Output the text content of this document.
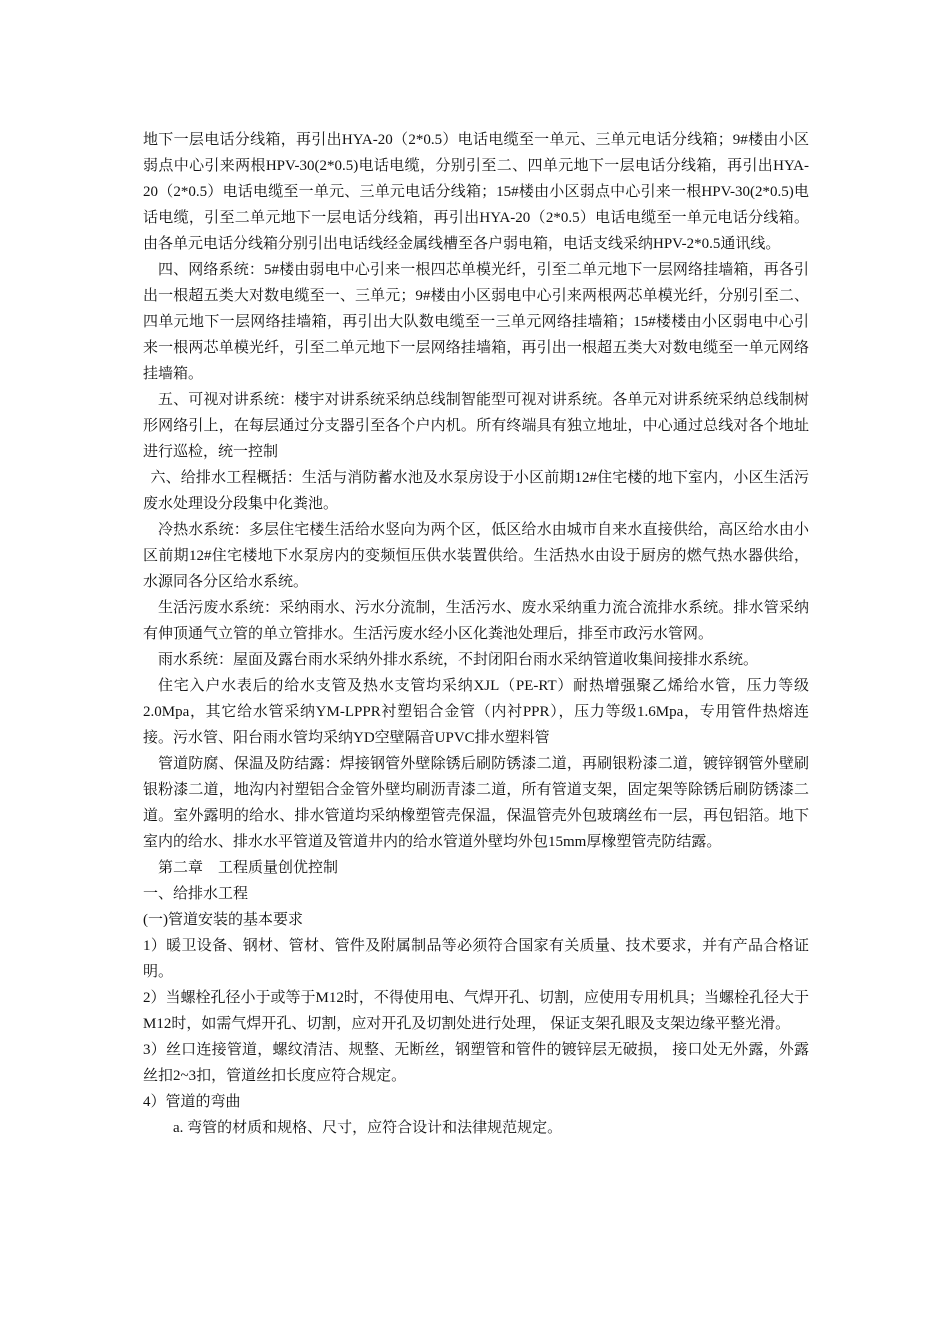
地下一层电话分线箱，再引出HYA-20（2*0.5）电话电缆至一单元、三单元电话分线箱；9#楼由小区弱点中心引来两根HPV-30(2*0.5)电话电缆，分别引至二、四单元地下一层电话分线箱，再引出HYA-20（2*0.5）电话电缆至一单元、三单元电话分线箱；15#楼由小区弱点中心引来一根HPV-30(2*0.5)电话电缆，引至二单元地下一层电话分线箱，再引出HYA-20（2*0.5）电话电缆至一单元电话分线箱。由各单元电话分线箱分别引出电话线经金属线槽至各户弱电箱，电话支线采纳HPV-2*0.5通讯线。

四、网络系统：5#楼由弱电中心引来一根四芯单模光纤，引至二单元地下一层网络挂墙箱，再各引出一根超五类大对数电缆至一、三单元；9#楼由小区弱电中心引来两根两芯单模光纤，分别引至二、四单元地下一层网络挂墙箱，再引出大队数电缆至一三单元网络挂墙箱；15#楼楼由小区弱电中心引来一根两芯单模光纤，引至二单元地下一层网络挂墙箱，再引出一根超五类大对数电缆至一单元网络挂墙箱。

五、可视对讲系统：楼宇对讲系统采纳总线制智能型可视对讲系统。各单元对讲系统采纳总线制树形网络引上，在每层通过分支器引至各个户内机。所有终端具有独立地址，中心通过总线对各个地址进行巡检，统一控制

六、给排水工程概括：生活与消防蓄水池及水泵房设于小区前期12#住宅楼的地下室内，小区生活污废水处理设分段集中化粪池。

冷热水系统：多层住宅楼生活给水竖向为两个区，低区给水由城市自来水直接供给，高区给水由小区前期12#住宅楼地下水泵房内的变频恒压供水装置供给。生活热水由设于厨房的燃气热水器供给，水源同各分区给水系统。

生活污废水系统：采纳雨水、污水分流制，生活污水、废水采纳重力流合流排水系统。排水管采纳有伸顶通气立管的单立管排水。生活污废水经小区化粪池处理后，排至市政污水管网。

雨水系统：屋面及露台雨水采纳外排水系统，不封闭阳台雨水采纳管道收集间接排水系统。

住宅入户水表后的给水支管及热水支管均采纳XJL（PE-RT）耐热增强聚乙烯给水管，压力等级2.0Mpa，其它给水管采纳YM-LPPR衬塑铝合金管（内衬PPR），压力等级1.6Mpa，专用管件热熔连接。污水管、阳台雨水管均采纳YD空壁隔音UPVC排水塑料管

管道防腐、保温及防结露：焊接钢管外壁除锈后刷防锈漆二道，再刷银粉漆二道，镀锌钢管外壁刷银粉漆二道，地沟内衬塑铝合金管外壁均刷沥青漆二道，所有管道支架，固定架等除锈后刷防锈漆二道。室外露明的给水、排水管道均采纳橡塑管壳保温，保温管壳外包玻璃丝布一层，再包铝箔。地下室内的给水、排水水平管道及管道井内的给水管道外壁均外包15mm厚橡塑管壳防结露。

第二章　工程质量创优控制

一、给排水工程

(一)管道安装的基本要求

1）暖卫设备、钢材、管材、管件及附属制品等必须符合国家有关质量、技术要求，并有产品合格证明。

2）当螺栓孔径小于或等于M12时，不得使用电、气焊开孔、切割，应使用专用机具；当螺栓孔径大于M12时，如需气焊开孔、切割，应对开孔及切割处进行处理， 保证支架孔眼及支架边缘平整光滑。

3）丝口连接管道，螺纹清洁、规整、无断丝，钢塑管和管件的镀锌层无破损， 接口处无外露，外露丝扣2~3扣，管道丝扣长度应符合规定。

4）管道的弯曲

a. 弯管的材质和规格、尺寸，应符合设计和法律规范规定。
